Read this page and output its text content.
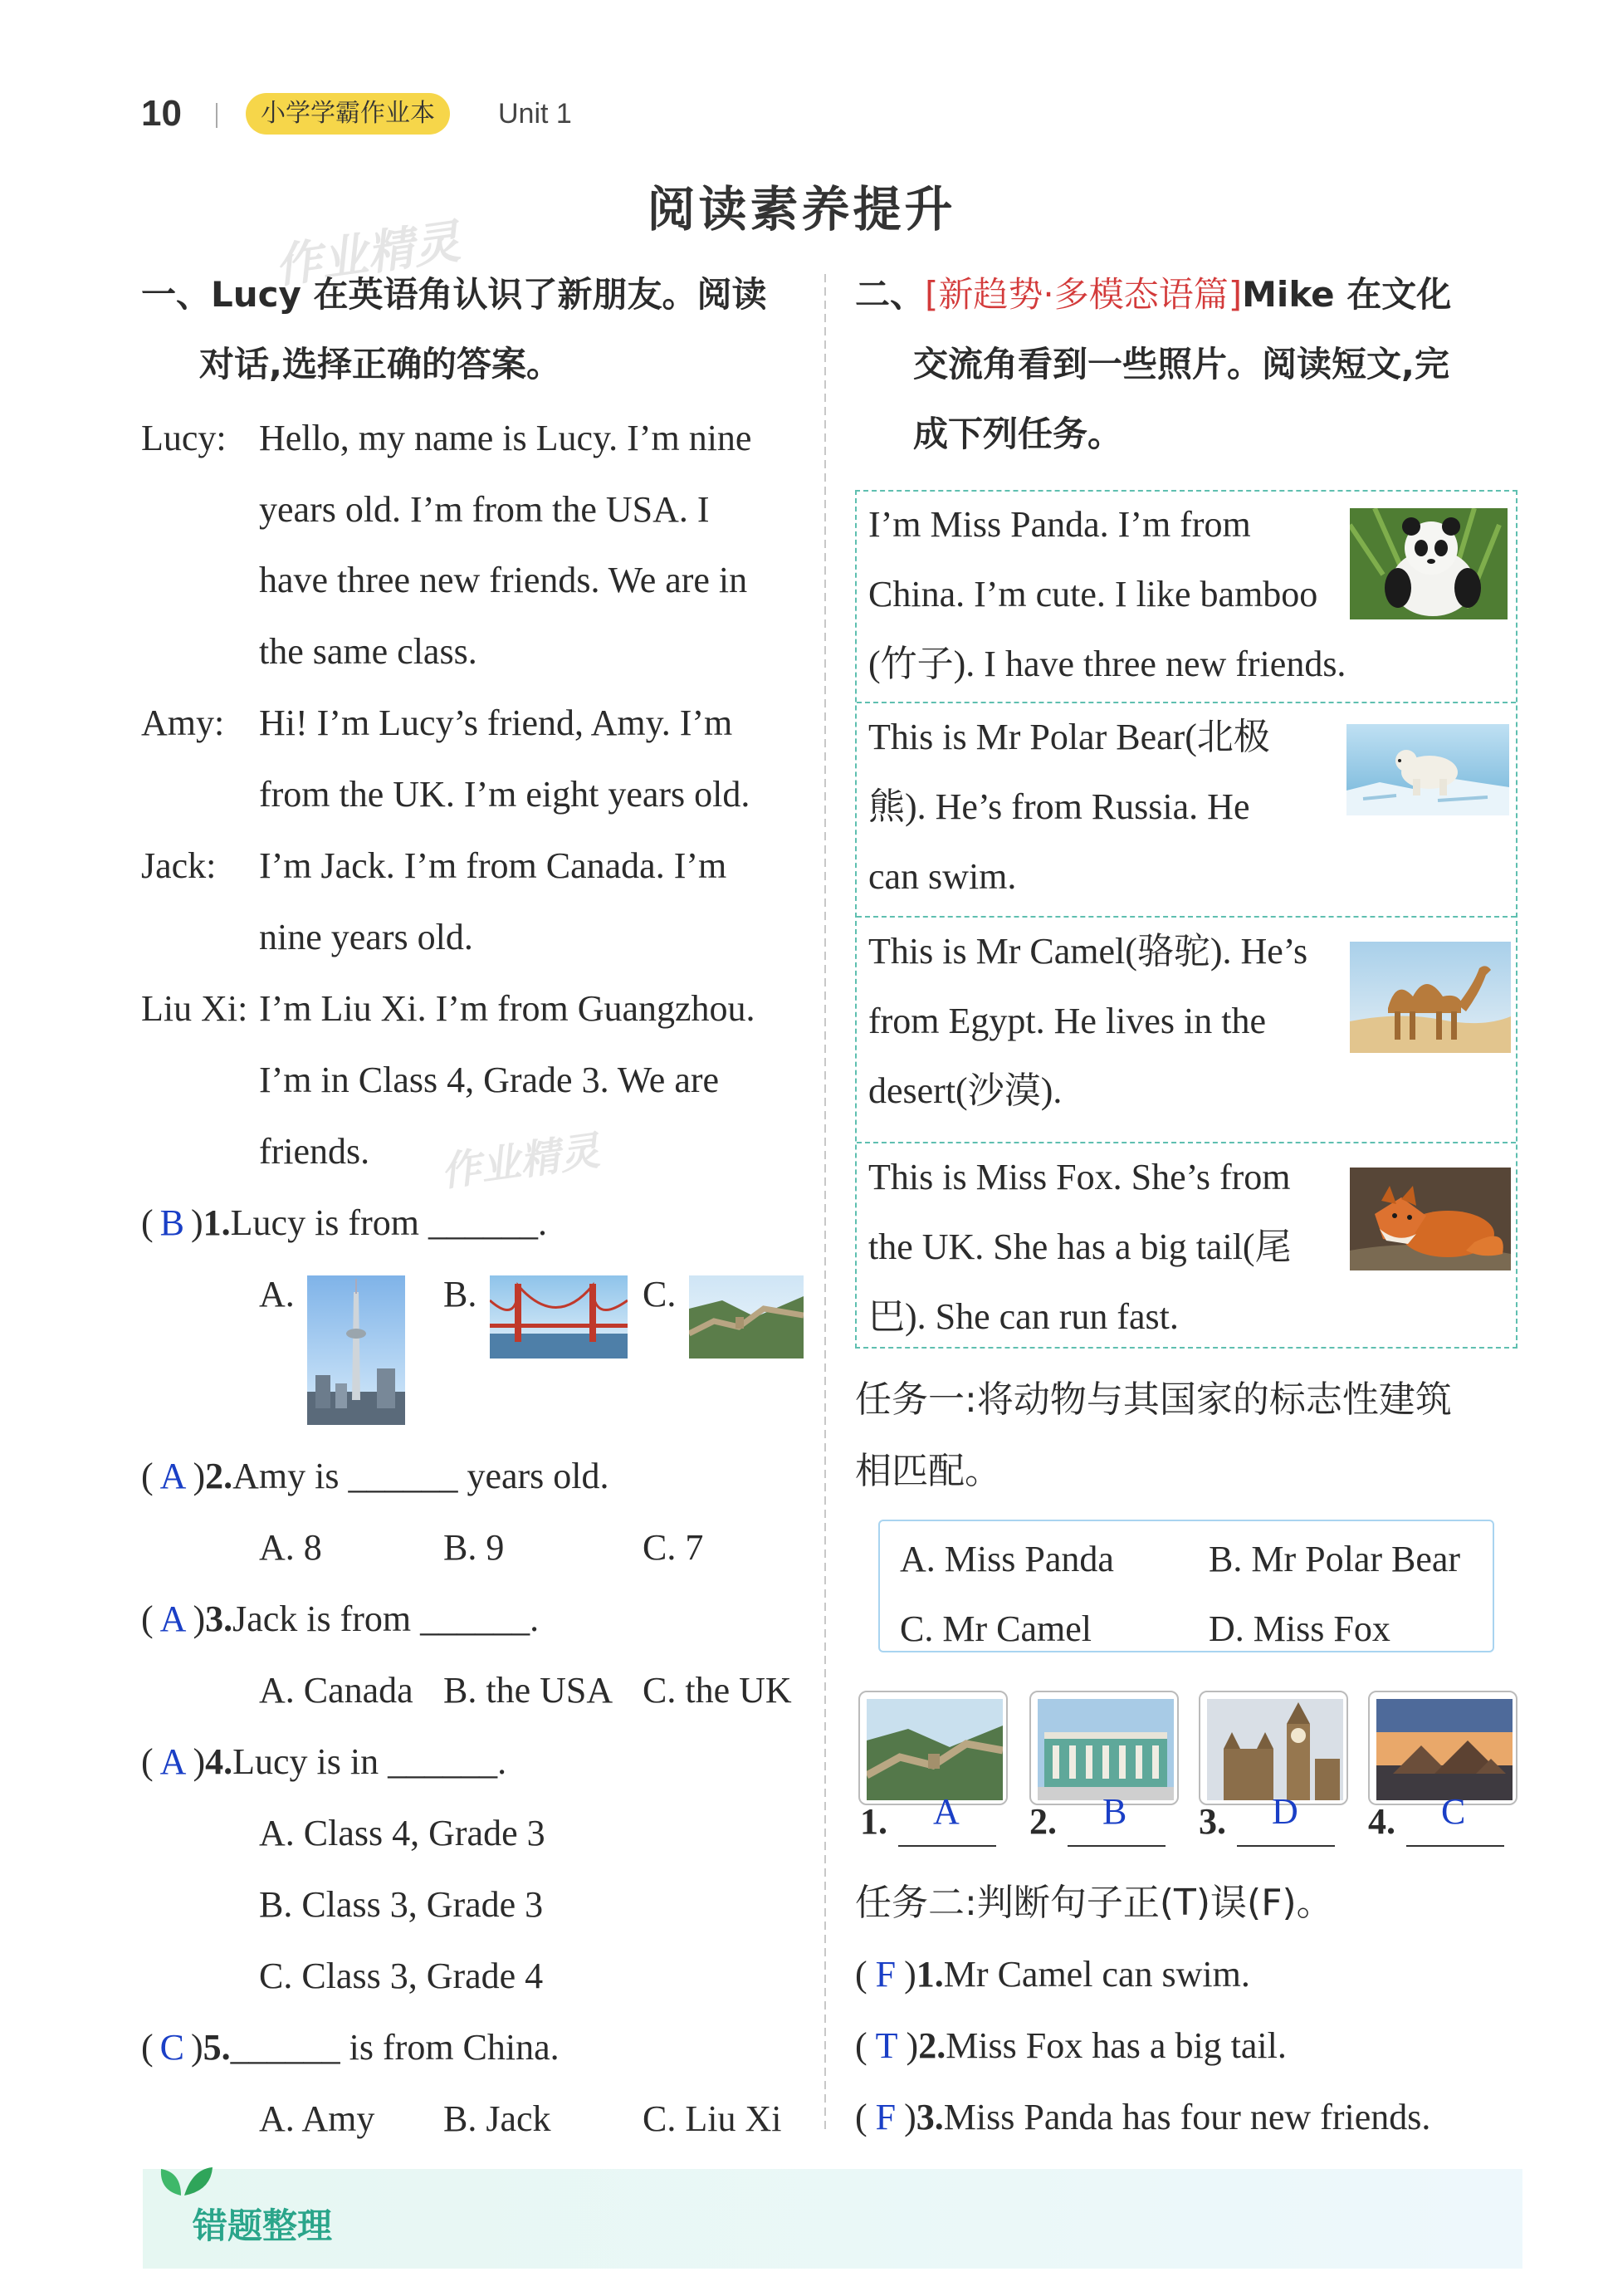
10	小学学霸作业本	Unit 1
阅读素养提升
作业精灵
作业精灵
一、Lucy 在英语角认识了新朋友。阅读
对话,选择正确的答案。
Lucy: Hello, my name is Lucy. I’m nine
years old. I’m from the USA. I
have three new friends. We are in
the same class.
Amy: Hi! I’m Lucy’s friend, Amy. I’m
from the UK. I’m eight years old.
Jack: I’m Jack. I’m from Canada. I’m
nine years old.
Liu Xi: I’m Liu Xi. I’m from Guangzhou.
I’m in Class 4, Grade 3. We are
friends.
( B )1.Lucy is from ______.
A.	B.	C.
( A )2.Amy is ______ years old.
A. 8	B. 9	C. 7
( A )3.Jack is from ______.
A. Canada B. the USA C. the UK
( A )4.Lucy is in ______.
A. Class 4, Grade 3
B. Class 3, Grade 3
C. Class 3, Grade 4
( C )5.______ is from China.
A. Amy B. Jack	C. Liu Xi
二、[新趋势·多模态语篇]Mike 在文化
交流角看到一些照片。阅读短文,完
成下列任务。
I’m Miss Panda. I’m from
China. I’m cute. I like bamboo
(竹子). I have three new friends.
This is Mr Polar Bear(北极
熊). He’s from Russia. He
can swim.
This is Mr Camel(骆驼). He’s
from Egypt. He lives in the
desert(沙漠).
This is Miss Fox. She’s from
the UK. She has a big tail(尾
巴). She can run fast.
任务一:将动物与其国家的标志性建筑
相匹配。
A. Miss Panda	B. Mr Polar Bear
C. Mr Camel	D. Miss Fox
1. A 2. B 3. D 4. C
任务二:判断句子正(T)误(F)。
( F )1.Mr Camel can swim.
( T )2.Miss Fox has a big tail.
( F )3.Miss Panda has four new friends.
错题整理
